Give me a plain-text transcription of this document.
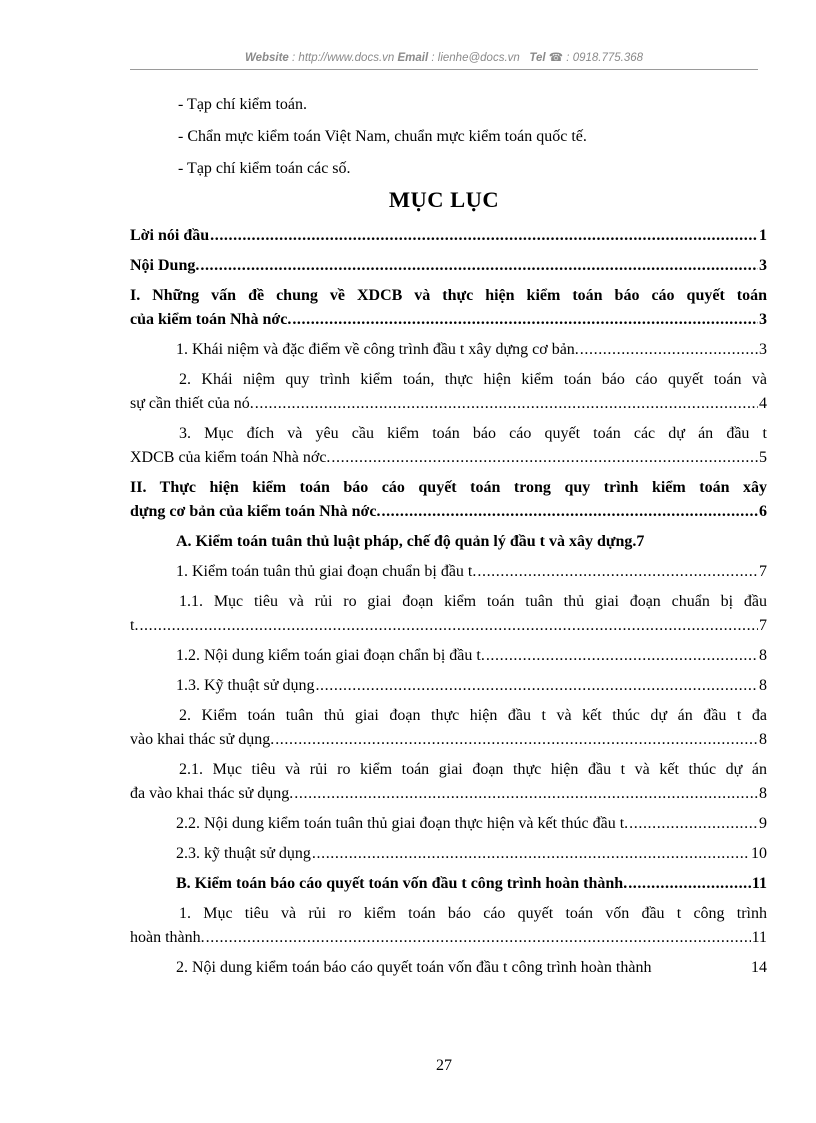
Website : http://www.docs.vn Email : lienhe@docs.vn Tel ☎ : 0918.775.368
- Tạp chí kiểm toán.
- Chẩn mực kiểm toán Việt Nam, chuẩn mực kiểm toán quốc tế.
- Tạp chí kiểm toán các số.
MỤC LỤC
Lời nói đầu .....	1
Nội Dung. .....	3
I. Những vấn đề chung về XDCB và thực hiện kiểm toán báo cáo quyết toán
của kiểm toán Nhà nớc. .....	3
1. Khái niệm và đặc điểm về công trình đầu t xây dựng cơ bản. .....	3
2. Khái niệm quy trình kiểm toán, thực hiện kiểm toán báo cáo quyết toán và
sự cần thiết của nó. .....	4
3. Mục đích và yêu cầu kiểm toán báo cáo quyết toán các dự án đầu t
XDCB của kiểm toán Nhà nớc. .....	5
II. Thực hiện kiểm toán báo cáo quyết toán trong quy trình kiểm toán xây
dựng cơ bản của kiểm toán Nhà nớc. .....	6
A. Kiểm toán tuân thủ luật pháp, chế độ quản lý đầu t và xây dựng. 7
1. Kiểm toán tuân thủ giai đoạn chuẩn bị đầu t. .....	7
1.1. Mục tiêu và rủi ro giai đoạn kiểm toán tuân thủ giai đoạn chuẩn bị đầu
t. .....	7
1.2. Nội dung kiểm toán giai đoạn chẩn bị đầu t. .....	8
1.3. Kỹ thuật sử dụng .....	8
2. Kiểm toán tuân thủ giai đoạn thực hiện đầu t và kết thúc dự án đầu t đa
vào khai thác sử dụng. .....	8
2.1. Mục tiêu và rủi ro kiểm toán giai đoạn thực hiện đầu t và kết thúc dự án
đa vào khai thác sử dụng. .....	8
2.2. Nội dung kiểm toán tuân thủ giai đoạn thực hiện và kết thúc đầu t. .....	9
2.3. kỹ thuật sử dụng .....	10
B. Kiểm toán báo cáo quyết toán vốn đầu t công trình hoàn thành. .....	11
1. Mục tiêu và rủi ro kiểm toán báo cáo quyết toán vốn đầu t công trình
hoàn thành. .....	11
2. Nội dung kiểm toán báo cáo quyết toán vốn đầu t công trình hoàn thành	14
27
